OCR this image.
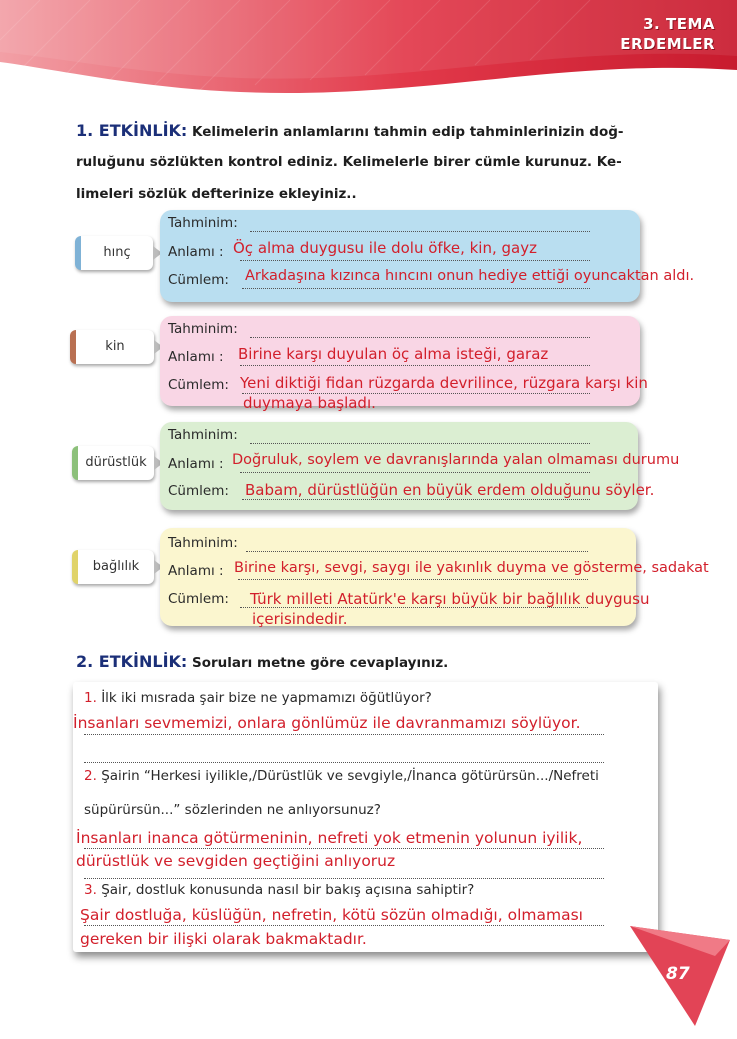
3. TEMA
ERDEMLER
1. ETKİNLİK: Kelimelerin anlamlarını tahmin edip tahminlerinizin doğ-
ruluğunu sözlükten kontrol ediniz. Kelimelerle birer cümle kurunuz. Ke-
limeleri sözlük defterinize ekleyiniz..
hınç
Tahminim:
Anlamı :
Cümlem:
Öç alma duygusu ile dolu öfke, kin, gayz
Arkadaşına kızınca hıncını onun hediye ettiği oyuncaktan aldı.
kin
Tahminim:
Anlamı :
Cümlem:
Birine karşı duyulan öç alma isteği, garaz
Yeni diktiği fidan rüzgarda devrilince, rüzgara karşı kin
duymaya başladı.
dürüstlük
Tahminim:
Anlamı :
Cümlem:
Doğruluk, soylem ve davranışlarında yalan olmaması durumu
Babam, dürüstlüğün en büyük erdem olduğunu söyler.
bağlılık
Tahminim:
Anlamı :
Cümlem:
Birine karşı, sevgi, saygı ile yakınlık duyma ve gösterme, sadakat
Türk milleti Atatürk'e karşı büyük bir bağlılık duygusu
içerisindedir.
2. ETKİNLİK: Soruları metne göre cevaplayınız.
1. İlk iki mısrada şair bize ne yapmamızı öğütlüyor?
İnsanları sevmemizi, onlara gönlümüz ile davranmamızı söylüyor.
2. Şairin “Herkesi iyilikle,/Dürüstlük ve sevgiyle,/İnanca götürürsün.../Nefreti
süpürürsün...” sözlerinden ne anlıyorsunuz?
İnsanları inanca götürmeninin, nefreti yok etmenin yolunun iyilik,
dürüstlük ve sevgiden geçtiğini anlıyoruz
3. Şair, dostluk konusunda nasıl bir bakış açısına sahiptir?
Şair dostluğa, küslüğün, nefretin, kötü sözün olmadığı, olmaması
gereken bir ilişki olarak bakmaktadır.
87
